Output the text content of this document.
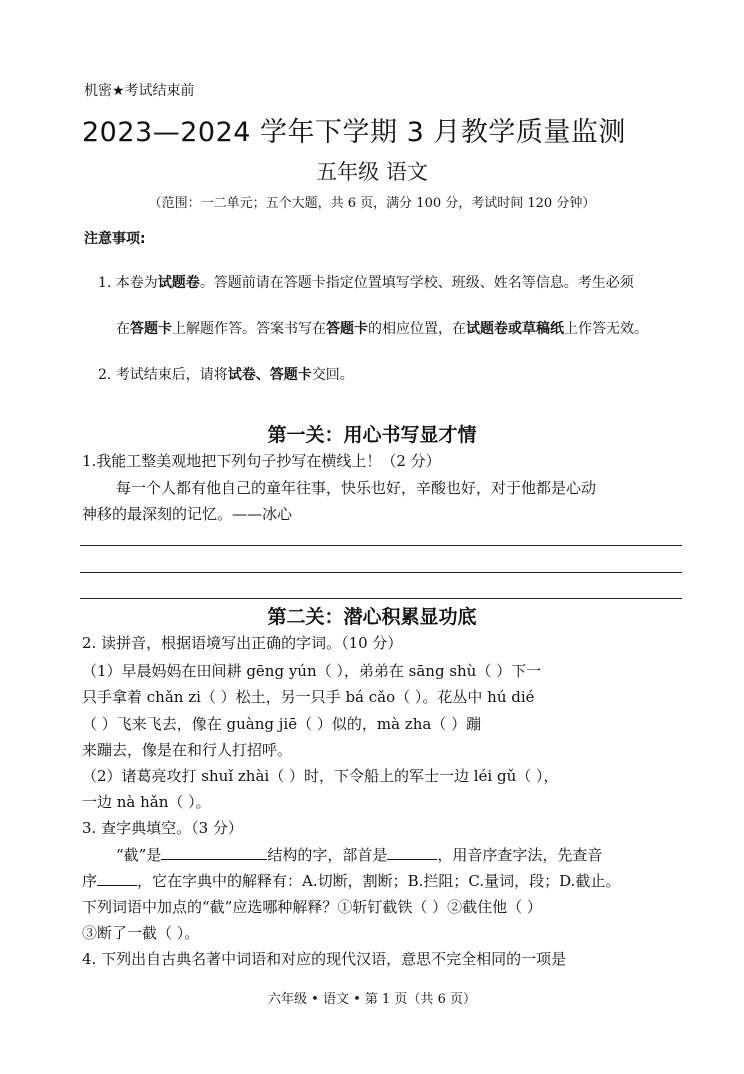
机密★考试结束前
2023—2024 学年下学期 3 月教学质量监测
五年级 语文
（范围：一二单元；五个大题，共 6 页，满分 100 分，考试时间 120 分钟）
注意事项:
1. 本卷为试题卷。答题前请在答题卡指定位置填写学校、班级、姓名等信息。考生必须
在答题卡上解题作答。答案书写在答题卡的相应位置，在试题卷或草稿纸上作答无效。
2. 考试结束后，请将试卷、答题卡交回。
第一关：用心书写显才情
1.我能工整美观地把下列句子抄写在横线上！（2 分）
每一个人都有他自己的童年往事，快乐也好，辛酸也好，对于他都是心动
神移的最深刻的记忆。——冰心
第二关：潜心积累显功底
2. 读拼音，根据语境写出正确的字词。（10 分）
（1）早晨妈妈在田间耕 gēng yún（ ），弟弟在 sāng shù（ ）下一
只手拿着 chǎn zi（ ）松土，另一只手 bá cǎo（ ）。花丛中 hú dié
（ ）飞来飞去，像在 guàng jiē（ ）似的，mà zha（ ）蹦
来蹦去，像是在和行人打招呼。
（2）诸葛亮攻打 shuǐ zhài（ ）时，下令船上的军士一边 léi gǔ（ ），
一边 nà hǎn（ ）。
3. 查字典填空。（3 分）
“截”是	结构的字，部首是	，用音序查字法，先查音
序	，它在字典中的解释有：A.切断，割断；B.拦阻；C.量词，段；D.截止。
下列词语中加点的“截”应选哪种解释？①斩钉截铁（ ）②截住他（ ）
③断了一截（ ）。
4. 下列出自古典名著中词语和对应的现代汉语，意思不完全相同的一项是
六年级 • 语文 • 第 1 页（共 6 页）
